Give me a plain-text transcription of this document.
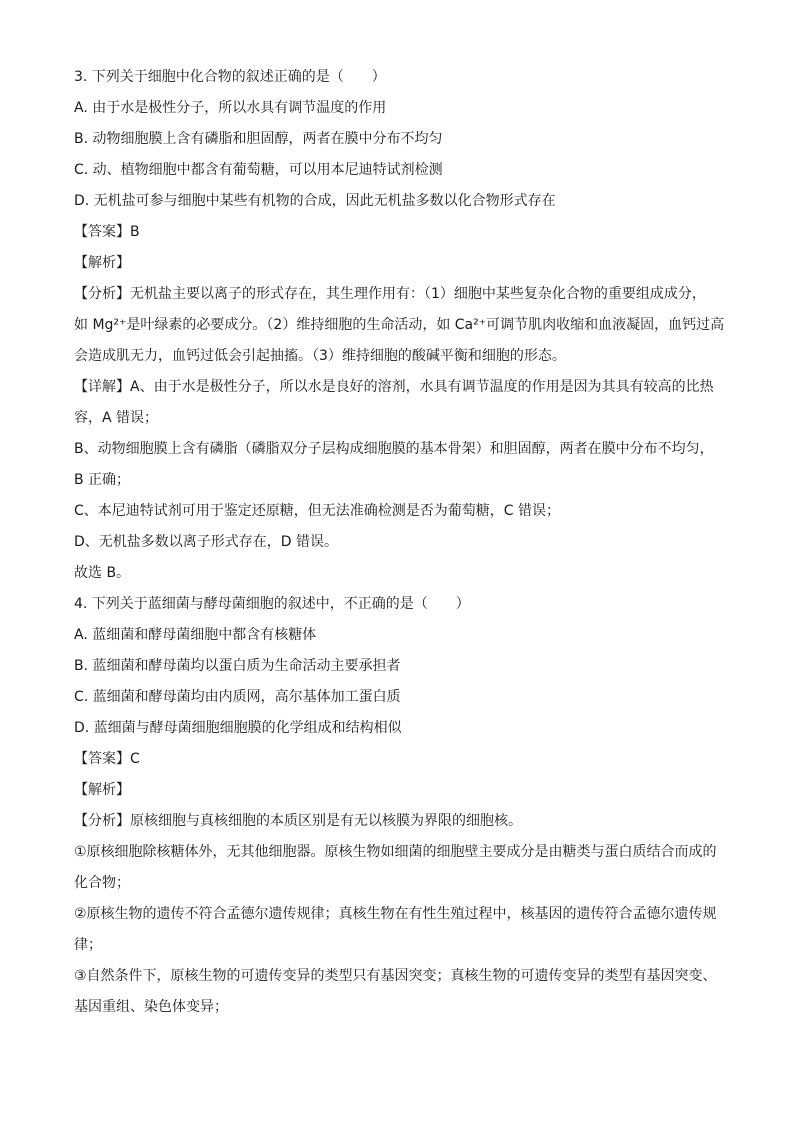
3. 下列关于细胞中化合物的叙述正确的是（　　）
A. 由于水是极性分子，所以水具有调节温度的作用
B. 动物细胞膜上含有磷脂和胆固醇，两者在膜中分布不均匀
C. 动、植物细胞中都含有葡萄糖，可以用本尼迪特试剂检测
D. 无机盐可参与细胞中某些有机物的合成，因此无机盐多数以化合物形式存在
【答案】B
【解析】
【分析】无机盐主要以离子的形式存在，其生理作用有：（1）细胞中某些复杂化合物的重要组成成分，
如 Mg²⁺是叶绿素的必要成分。（2）维持细胞的生命活动，如 Ca²⁺可调节肌肉收缩和血液凝固，血钙过高
会造成肌无力，血钙过低会引起抽搐。（3）维持细胞的酸碱平衡和细胞的形态。
【详解】A、由于水是极性分子，所以水是良好的溶剂，水具有调节温度的作用是因为其具有较高的比热
容，A 错误；
B、动物细胞膜上含有磷脂（磷脂双分子层构成细胞膜的基本骨架）和胆固醇，两者在膜中分布不均匀，
B 正确；
C、本尼迪特试剂可用于鉴定还原糖，但无法准确检测是否为葡萄糖，C 错误；
D、无机盐多数以离子形式存在，D 错误。
故选 B。
4. 下列关于蓝细菌与酵母菌细胞的叙述中，不正确的是（　　）
A. 蓝细菌和酵母菌细胞中都含有核糖体
B. 蓝细菌和酵母菌均以蛋白质为生命活动主要承担者
C. 蓝细菌和酵母菌均由内质网，高尔基体加工蛋白质
D. 蓝细菌与酵母菌细胞细胞膜的化学组成和结构相似
【答案】C
【解析】
【分析】原核细胞与真核细胞的本质区别是有无以核膜为界限的细胞核。
①原核细胞除核糖体外，无其他细胞器。原核生物如细菌的细胞壁主要成分是由糖类与蛋白质结合而成的
化合物；
②原核生物的遗传不符合孟德尔遗传规律；真核生物在有性生殖过程中，核基因的遗传符合孟德尔遗传规
律；
③自然条件下，原核生物的可遗传变异的类型只有基因突变；真核生物的可遗传变异的类型有基因突变、
基因重组、染色体变异；
